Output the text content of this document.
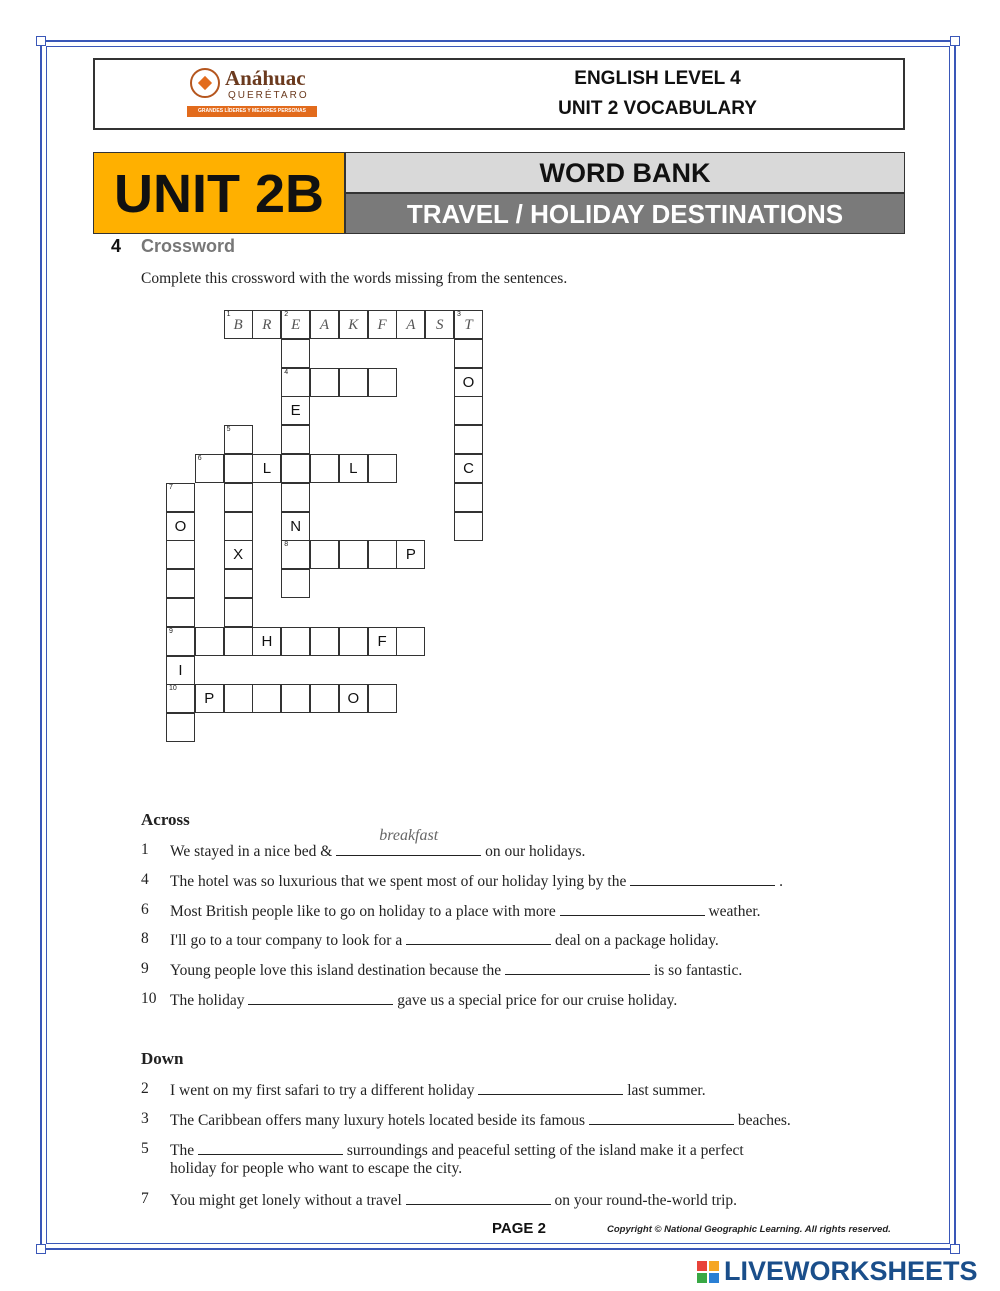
Anáhuac
QUERÉTARO
GRANDES LÍDERES Y MEJORES PERSONAS
ENGLISH LEVEL 4
UNIT 2 VOCABULARY
UNIT 2B	WORD BANK
TRAVEL / HOLIDAY DESTINATIONS
4 Crossword
Complete this crossword with the words missing from the sentences.
1
B	R
2
E	A	K	F	A	S
3
T
4
O
E
5
6
L	L	C
7
O	N
X
8
P
9
H	F
I
10
P	O
Across
1 We stayed in a nice bed &
breakfast
on our holidays.
4 The hotel was so luxurious that we spent most of our holiday lying by the	.
6 Most British people like to go on holiday to a place with more	weather.
8 I'll go to a tour company to look for a	deal on a package holiday.
9 Young people love this island destination because the	is so fantastic.
10 The holiday	gave us a special price for our cruise holiday.
Down
2 I went on my first safari to try a different holiday	last summer.
3 The Caribbean offers many luxury hotels located beside its famous	beaches.
5 The	surroundings and peaceful setting of the island make it a perfect
holiday for people who want to escape the city.
7 You might get lonely without a travel	on your round-the-world trip.
PAGE 2	Copyright © National Geographic Learning. All rights reserved.
LIVEWORKSHEETS
